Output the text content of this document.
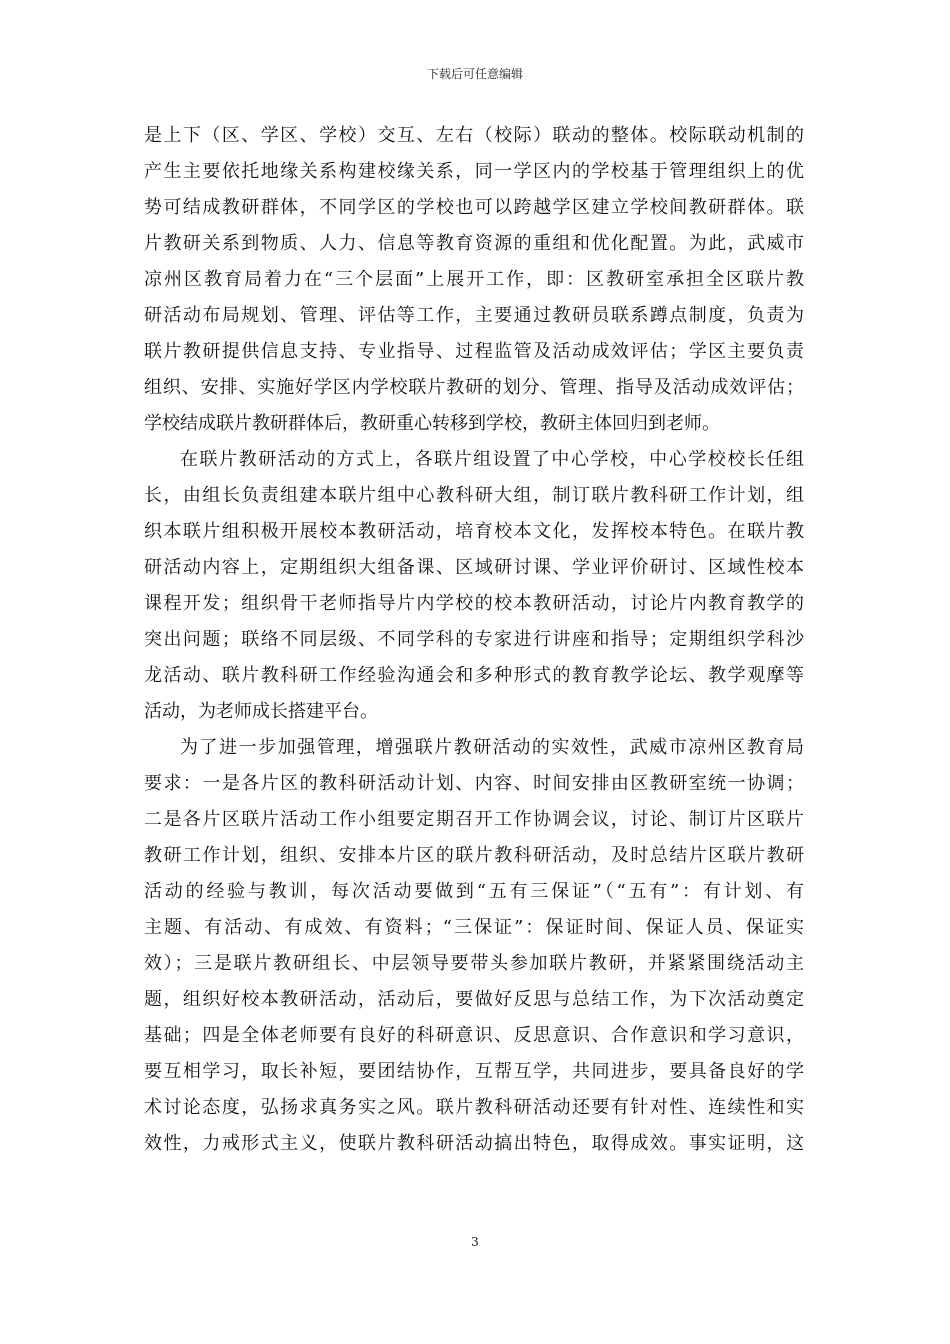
下载后可任意编辑
是上下（区、学区、学校）交互、左右（校际）联动的整体。校际联动机制的
产生主要依托地缘关系构建校缘关系，同一学区内的学校基于管理组织上的优
势可结成教研群体，不同学区的学校也可以跨越学区建立学校间教研群体。联
片教研关系到物质、人力、信息等教育资源的重组和优化配置。为此，武威市
凉州区教育局着力在“三个层面”上展开工作，即：区教研室承担全区联片教
研活动布局规划、管理、评估等工作，主要通过教研员联系蹲点制度，负责为
联片教研提供信息支持、专业指导、过程监管及活动成效评估；学区主要负责
组织、安排、实施好学区内学校联片教研的划分、管理、指导及活动成效评估；
学校结成联片教研群体后，教研重心转移到学校，教研主体回归到老师。
在联片教研活动的方式上，各联片组设置了中心学校，中心学校校长任组
长，由组长负责组建本联片组中心教科研大组，制订联片教科研工作计划，组
织本联片组积极开展校本教研活动，培育校本文化，发挥校本特色。在联片教
研活动内容上，定期组织大组备课、区域研讨课、学业评价研讨、区域性校本
课程开发；组织骨干老师指导片内学校的校本教研活动，讨论片内教育教学的
突出问题；联络不同层级、不同学科的专家进行讲座和指导；定期组织学科沙
龙活动、联片教科研工作经验沟通会和多种形式的教育教学论坛、教学观摩等
活动，为老师成长搭建平台。
为了进一步加强管理，增强联片教研活动的实效性，武威市凉州区教育局
要求：一是各片区的教科研活动计划、内容、时间安排由区教研室统一协调；
二是各片区联片活动工作小组要定期召开工作协调会议，讨论、制订片区联片
教研工作计划，组织、安排本片区的联片教科研活动，及时总结片区联片教研
活动的经验与教训，每次活动要做到“五有三保证”（“五有”：有计划、有
主题、有活动、有成效、有资料；“三保证”：保证时间、保证人员、保证实
效）；三是联片教研组长、中层领导要带头参加联片教研，并紧紧围绕活动主
题，组织好校本教研活动，活动后，要做好反思与总结工作，为下次活动奠定
基础；四是全体老师要有良好的科研意识、反思意识、合作意识和学习意识，
要互相学习，取长补短，要团结协作，互帮互学，共同进步，要具备良好的学
术讨论态度，弘扬求真务实之风。联片教科研活动还要有针对性、连续性和实
效性，力戒形式主义，使联片教科研活动搞出特色，取得成效。事实证明，这
3
